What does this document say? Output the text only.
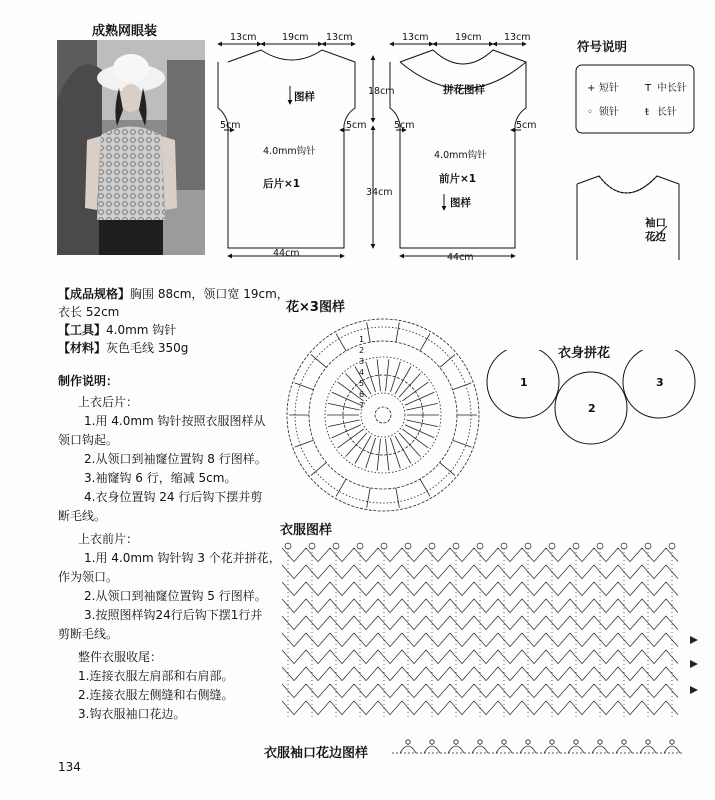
成熟网眼装	13cm	19cm 13cm	13cm	19cm 13cm
18cm
34cm
5cm	5cm	5cm	5cm
4.0mm钩针	4.0mm钩针
44cm	44cm
图样
后片×1
拼花图样
前片×1
图样
符号说明
+ 短针	T 中长针
◦ 锁针	ŧ 长针
袖口
花边
【成品规格】胸围 88cm，领口宽 19cm，
衣长 52cm
【工具】4.0mm 钩针
【材料】灰色毛线 350g
制作说明：
上衣后片：
1.用 4.0mm 钩针按照衣服图样从
领口钩起。
2.从领口到袖窿位置钩 8 行图样。
3.袖窿钩 6 行，缩减 5cm。
4.衣身位置钩 24 行后钩下摆并剪
断毛线。
上衣前片：
1.用 4.0mm 钩针钩 3 个花并拼花，
作为领口。
2.从领口到袖窿位置钩 5 行图样。
3.按照图样钩24行后钩下摆1行并
剪断毛线。
整件衣服收尾：
1.连接衣服左肩部和右肩部。
2.连接衣服左侧缝和右侧缝。
3.钩衣服袖口花边。
花×3图样
1
2
3
4
5
6
7
衣身拼花
1
2
3
衣服图样
衣服袖口花边图样
134
